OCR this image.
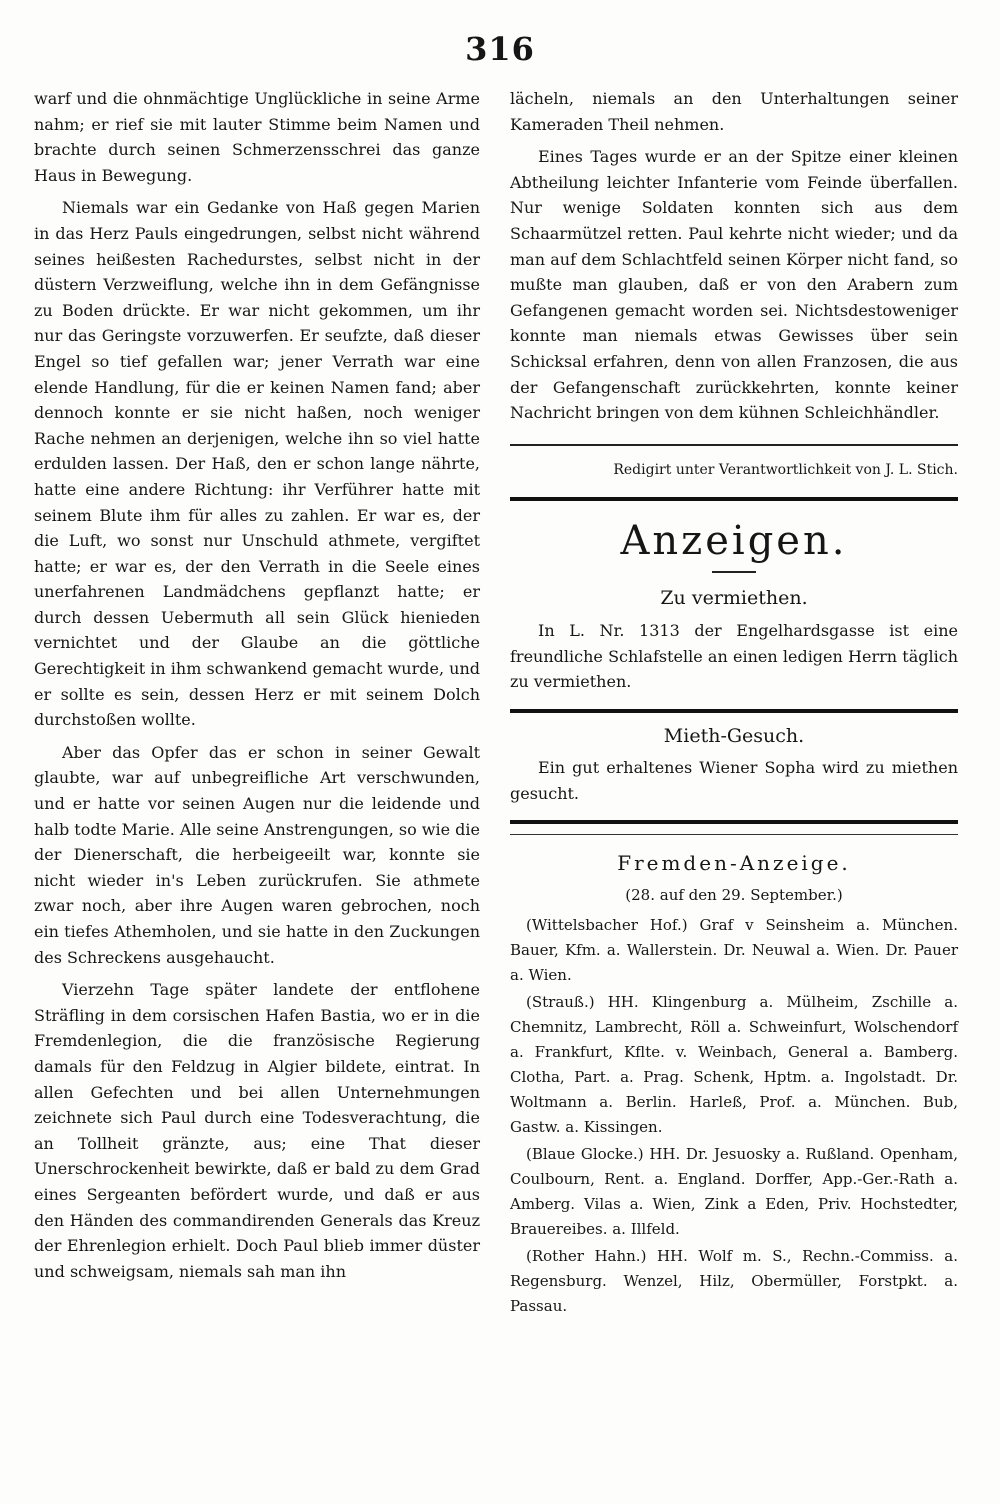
316

warf und die ohnmächtige Unglückliche in seine Arme nahm; er rief sie mit lauter Stimme beim Namen und brachte durch seinen Schmerzensschrei das ganze Haus in Bewegung.

Niemals war ein Gedanke von Haß gegen Marien in das Herz Pauls eingedrungen, selbst nicht während seines heißesten Rachedurstes, selbst nicht in der düstern Verzweiflung, welche ihn in dem Gefängnisse zu Boden drückte. Er war nicht gekommen, um ihr nur das Geringste vorzuwerfen. Er seufzte, daß dieser Engel so tief gefallen war; jener Verrath war eine elende Handlung, für die er keinen Namen fand; aber dennoch konnte er sie nicht haßen, noch weniger Rache nehmen an derjenigen, welche ihn so viel hatte erdulden lassen. Der Haß, den er schon lange nährte, hatte eine andere Richtung: ihr Verführer hatte mit seinem Blute ihm für alles zu zahlen. Er war es, der die Luft, wo sonst nur Unschuld athmete, vergiftet hatte; er war es, der den Verrath in die Seele eines unerfahrenen Landmädchens gepflanzt hatte; er durch dessen Uebermuth all sein Glück hienieden vernichtet und der Glaube an die göttliche Gerechtigkeit in ihm schwankend gemacht wurde, und er sollte es sein, dessen Herz er mit seinem Dolch durchstoßen wollte.

Aber das Opfer das er schon in seiner Gewalt glaubte, war auf unbegreifliche Art verschwunden, und er hatte vor seinen Augen nur die leidende und halb todte Marie. Alle seine Anstrengungen, so wie die der Dienerschaft, die herbeigeeilt war, konnte sie nicht wieder in's Leben zurückrufen. Sie athmete zwar noch, aber ihre Augen waren gebrochen, noch ein tiefes Athemholen, und sie hatte in den Zuckungen des Schreckens ausgehaucht.

Vierzehn Tage später landete der entflohene Sträfling in dem corsischen Hafen Bastia, wo er in die Fremdenlegion, die die französische Regierung damals für den Feldzug in Algier bildete, eintrat. In allen Gefechten und bei allen Unternehmungen zeichnete sich Paul durch eine Todesverachtung, die an Tollheit gränzte, aus; eine That dieser Unerschrockenheit bewirkte, daß er bald zu dem Grad eines Sergeanten befördert wurde, und daß er aus den Händen des commandirenden Generals das Kreuz der Ehrenlegion erhielt. Doch Paul blieb immer düster und schweigsam, niemals sah man ihn

lächeln, niemals an den Unterhaltungen seiner Kameraden Theil nehmen.

Eines Tages wurde er an der Spitze einer kleinen Abtheilung leichter Infanterie vom Feinde überfallen. Nur wenige Soldaten konnten sich aus dem Schaarmützel retten. Paul kehrte nicht wieder; und da man auf dem Schlachtfeld seinen Körper nicht fand, so mußte man glauben, daß er von den Arabern zum Gefangenen gemacht worden sei. Nichtsdestoweniger konnte man niemals etwas Gewisses über sein Schicksal erfahren, denn von allen Franzosen, die aus der Gefangenschaft zurückkehrten, konnte keiner Nachricht bringen von dem kühnen Schleichhändler.

Redigirt unter Verantwortlichkeit von J. L. Stich.
Anzeigen.
Zu vermiethen.

In L. Nr. 1313 der Engelhardsgasse ist eine freundliche Schlafstelle an einen ledigen Herrn täglich zu vermiethen.

Mieth-Gesuch.

Ein gut erhaltenes Wiener Sopha wird zu miethen gesucht.

Fremden-Anzeige.
(28. auf den 29. September.)

(Wittelsbacher Hof.) Graf v Seinsheim a. München. Bauer, Kfm. a. Wallerstein. Dr. Neuwal a. Wien. Dr. Pauer a. Wien.

(Strauß.) HH. Klingenburg a. Mülheim, Zschille a. Chemnitz, Lambrecht, Röll a. Schweinfurt, Wolschendorf a. Frankfurt, Kflte. v. Weinbach, General a. Bamberg. Clotha, Part. a. Prag. Schenk, Hptm. a. Ingolstadt. Dr. Woltmann a. Berlin. Harleß, Prof. a. München. Bub, Gastw. a. Kissingen.

(Blaue Glocke.) HH. Dr. Jesuosky a. Rußland. Openham, Coulbourn, Rent. a. England. Dorffer, App.-Ger.-Rath a. Amberg. Vilas a. Wien, Zink a Eden, Priv. Hochstedter, Brauereibes. a. Illfeld.

(Rother Hahn.) HH. Wolf m. S., Rechn.-Commiss. a. Regensburg. Wenzel, Hilz, Obermüller, Forstpkt. a. Passau.
